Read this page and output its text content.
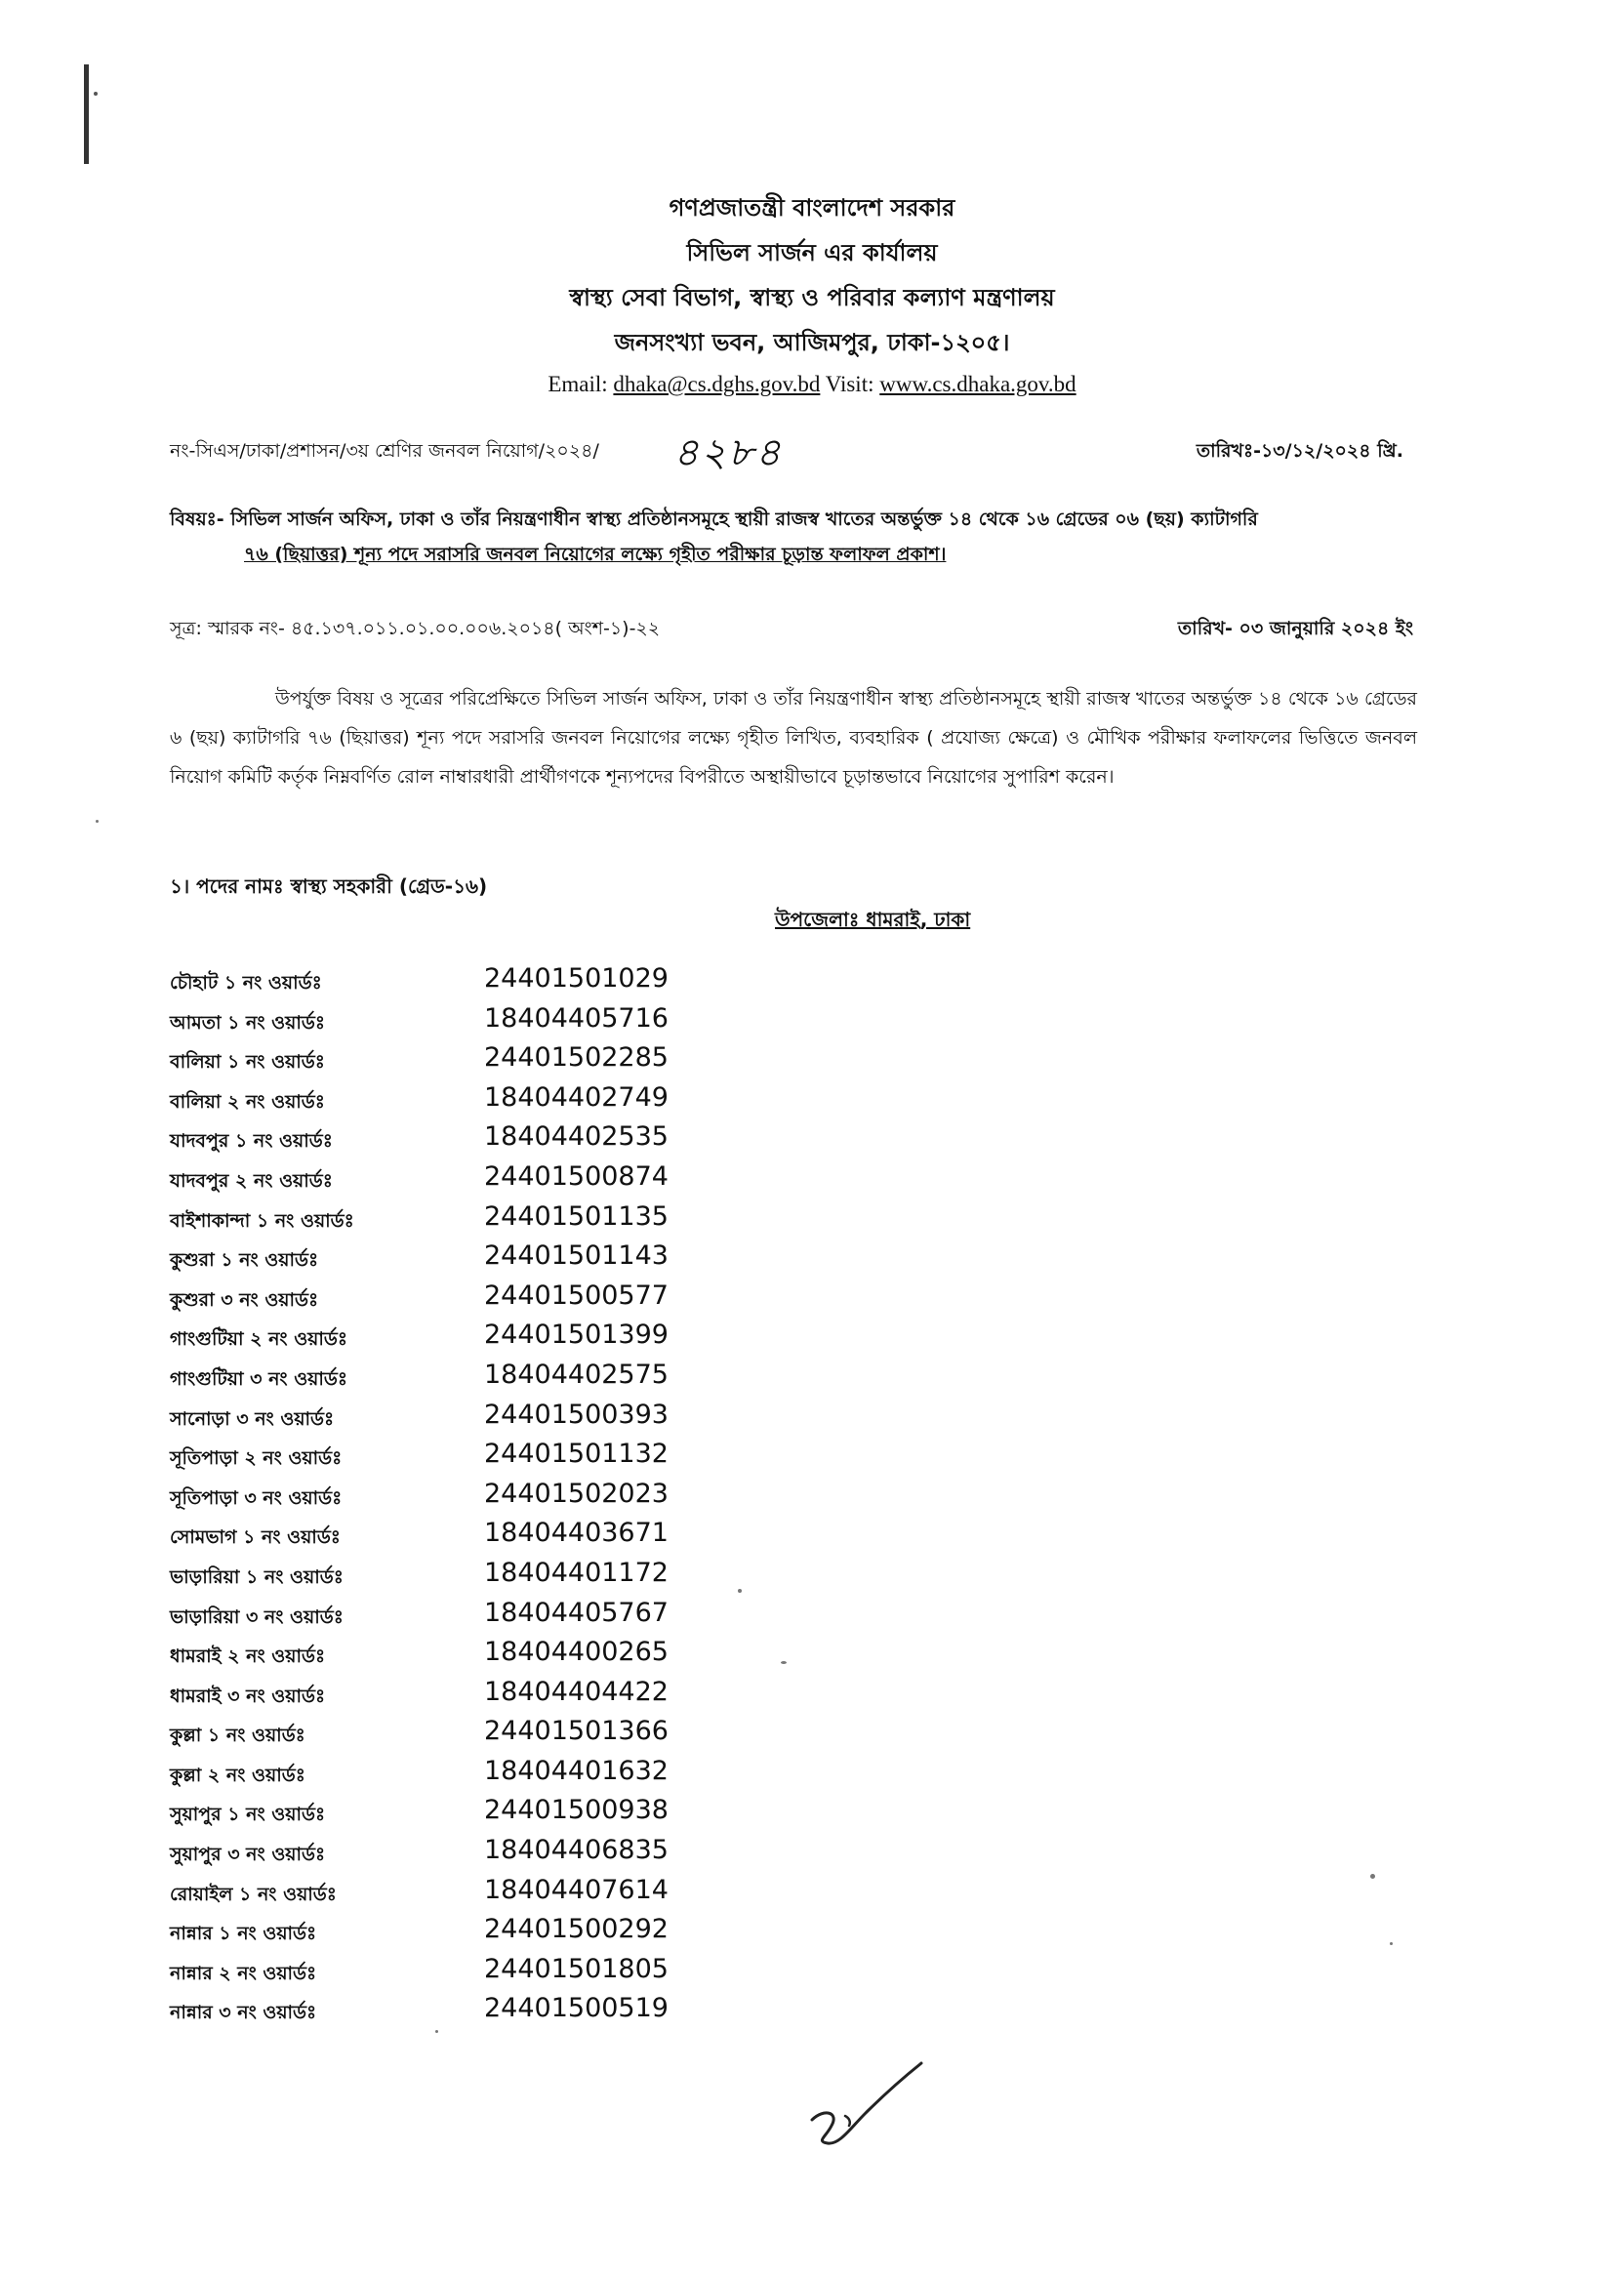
গণপ্রজাতন্ত্রী বাংলাদেশ সরকার
সিভিল সার্জন এর কার্যালয়
স্বাস্থ্য সেবা বিভাগ, স্বাস্থ্য ও পরিবার কল্যাণ মন্ত্রণালয়
জনসংখ্যা ভবন, আজিমপুর, ঢাকা-১২০৫।
Email: dhaka@cs.dghs.gov.bd Visit: www.cs.dhaka.gov.bd
নং-সিএস/ঢাকা/প্রশাসন/৩য় শ্রেণির জনবল নিয়োগ/২০২৪/ ৪২৮৪	তারিখঃ-১৩/১২/২০২৪ খ্রি.
বিষয়ঃ- সিভিল সার্জন অফিস, ঢাকা ও তাঁর নিয়ন্ত্রণাধীন স্বাস্থ্য প্রতিষ্ঠানসমূহে স্থায়ী রাজস্ব খাতের অন্তর্ভুক্ত ১৪ থেকে ১৬ গ্রেডের ০৬ (ছয়) ক্যাটাগরি
৭৬ (ছিয়াত্তর) শূন্য পদে সরাসরি জনবল নিয়োগের লক্ষ্যে গৃহীত পরীক্ষার চূড়ান্ত ফলাফল প্রকাশ।
সূত্র: স্মারক নং- ৪৫.১৩৭.০১১.০১.০০.০০৬.২০১৪( অংশ-১)-২২	তারিখ- ০৩ জানুয়ারি ২০২৪ ইং
উপর্যুক্ত বিষয় ও সূত্রের পরিপ্রেক্ষিতে সিভিল সার্জন অফিস, ঢাকা ও তাঁর নিয়ন্ত্রণাধীন স্বাস্থ্য প্রতিষ্ঠানসমূহে স্থায়ী রাজস্ব খাতের অন্তর্ভুক্ত ১৪ থেকে ১৬ গ্রেডের ৬ (ছয়) ক্যাটাগরি ৭৬ (ছিয়াত্তর) শূন্য পদে সরাসরি জনবল নিয়োগের লক্ষ্যে গৃহীত লিখিত, ব্যবহারিক ( প্রযোজ্য ক্ষেত্রে) ও মৌখিক পরীক্ষার ফলাফলের ভিত্তিতে জনবল নিয়োগ কমিটি কর্তৃক নিম্নবর্ণিত রোল নাম্বারধারী প্রার্থীগণকে শূন্যপদের বিপরীতে অস্থায়ীভাবে চূড়ান্তভাবে নিয়োগের সুপারিশ করেন।
১। পদের নামঃ স্বাস্থ্য সহকারী (গ্রেড-১৬)
উপজেলাঃ ধামরাই, ঢাকা
চৌহাট ১ নং ওয়ার্ডঃ	24401501029
আমতা ১ নং ওয়ার্ডঃ	18404405716
বালিয়া ১ নং ওয়ার্ডঃ	24401502285
বালিয়া ২ নং ওয়ার্ডঃ	18404402749
যাদবপুর ১ নং ওয়ার্ডঃ	18404402535
যাদবপুর ২ নং ওয়ার্ডঃ	24401500874
বাইশাকান্দা ১ নং ওয়ার্ডঃ	24401501135
কুশুরা ১ নং ওয়ার্ডঃ	24401501143
কুশুরা ৩ নং ওয়ার্ডঃ	24401500577
গাংগুটিয়া ২ নং ওয়ার্ডঃ	24401501399
গাংগুটিয়া ৩ নং ওয়ার্ডঃ	18404402575
সানোড়া ৩ নং ওয়ার্ডঃ	24401500393
সূতিপাড়া ২ নং ওয়ার্ডঃ	24401501132
সূতিপাড়া ৩ নং ওয়ার্ডঃ	24401502023
সোমভাগ ১ নং ওয়ার্ডঃ	18404403671
ভাড়ারিয়া ১ নং ওয়ার্ডঃ	18404401172
ভাড়ারিয়া ৩ নং ওয়ার্ডঃ	18404405767
ধামরাই ২ নং ওয়ার্ডঃ	18404400265
ধামরাই ৩ নং ওয়ার্ডঃ	18404404422
কুল্লা ১ নং ওয়ার্ডঃ	24401501366
কুল্লা ২ নং ওয়ার্ডঃ	18404401632
সুয়াপুর ১ নং ওয়ার্ডঃ	24401500938
সুয়াপুর ৩ নং ওয়ার্ডঃ	18404406835
রোয়াইল ১ নং ওয়ার্ডঃ	18404407614
নান্নার ১ নং ওয়ার্ডঃ	24401500292
নান্নার ২ নং ওয়ার্ডঃ	24401501805
নান্নার ৩ নং ওয়ার্ডঃ	24401500519
